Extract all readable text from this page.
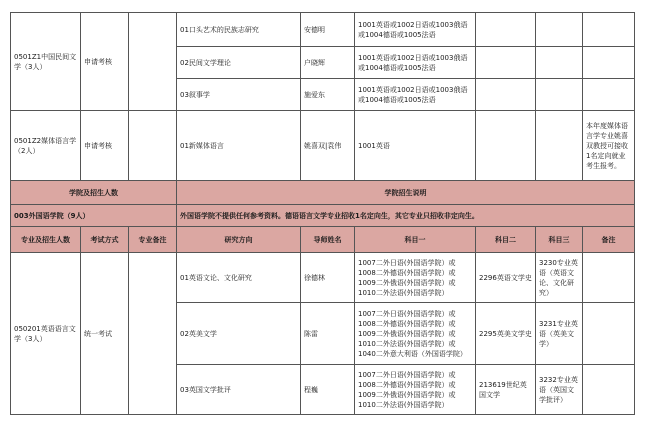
0501Z1中国民间文学（3人）	申请考核		01口头艺术的民族志研究	安德明	1001英语或1002日语或1003俄语或1004德语或1005法语			
			02民间文学理论	户晓辉	1001英语或1002日语或1003俄语或1004德语或1005法语			
			03叙事学	施爱东	1001英语或1002日语或1003俄语或1004德语或1005法语			
0501Z2媒体语言学（2人）	申请考核		01新媒体语言	姚喜双|袁伟	1001英语			本年度媒体语言学专业姚喜双教授可接收1名定向就业考生报考。
学院及招生人数			学院招生说明					
003外国语学院（9人）			外国语学院不提供任何参考资料。德语语言文学专业招收1名定向生，其它专业只招收非定向生。					
专业及招生人数	考试方式	专业备注	研究方向	导师姓名	科目一	科目二	科目三	备注
050201英语语言文学（3人）	统一考试		01英语文论、文化研究	徐德林	1007二外日语(外国语学院）或
1008二外德语(外国语学院）或
1009二外俄语(外国语学院）或
1010二外法语(外国语学院）	2296英语文学史	3230专业英语（英语文论、文化研究）	
			02英美文学	陈雷	1007二外日语(外国语学院）或
1008二外德语(外国语学院）或
1009二外俄语(外国语学院）或
1010二外法语(外国语学院）或
1040二外意大利语（外国语学院）	2295英美文学史	3231专业英语（英美文学）	
			03英国文学批评	程巍	1007二外日语(外国语学院）或
1008二外德语(外国语学院）或
1009二外俄语(外国语学院）或
1010二外法语(外国语学院）	213619世纪英国文学	3232专业英语（英国文学批评）	
